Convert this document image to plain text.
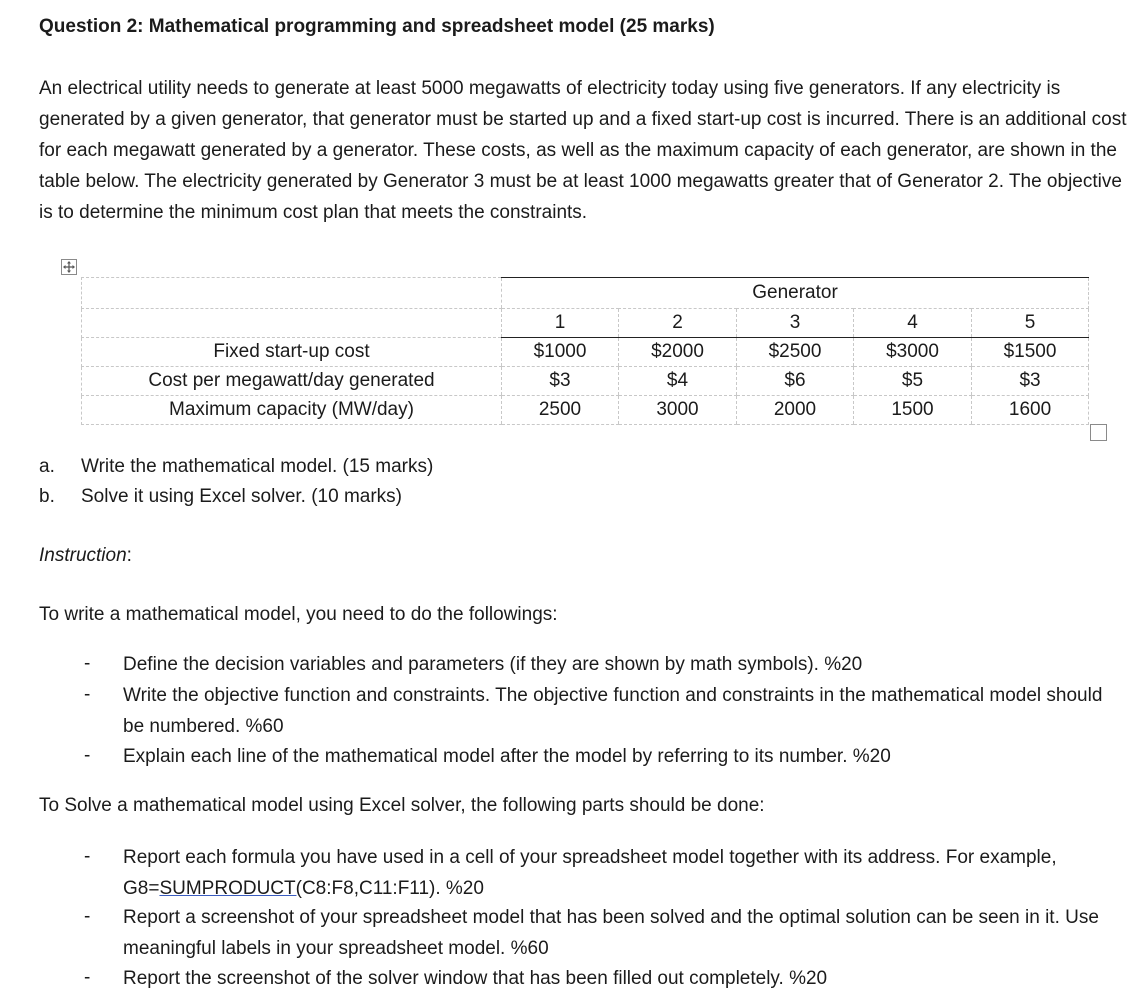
Question 2: Mathematical programming and spreadsheet model (25 marks)
An electrical utility needs to generate at least 5000 megawatts of electricity today using five generators. If any electricity is generated by a given generator, that generator must be started up and a fixed start-up cost is incurred. There is an additional cost for each megawatt generated by a generator. These costs, as well as the maximum capacity of each generator, are shown in the table below. The electricity generated by Generator 3 must be at least 1000 megawatts greater that of Generator 2. The objective is to determine the minimum cost plan that meets the constraints.
	Generator				
	1	2	3	4	5
Fixed start-up cost	$1000	$2000	$2500	$3000	$1500
Cost per megawatt/day generated	$3	$4	$6	$5	$3
Maximum capacity (MW/day)	2500	3000	2000	1500	1600
a. Write the mathematical model. (15 marks)
b. Solve it using Excel solver. (10 marks)
Instruction:
To write a mathematical model, you need to do the followings:
- Define the decision variables and parameters (if they are shown by math symbols). %20
- Write the objective function and constraints. The objective function and constraints in the mathematical model should be numbered. %60
- Explain each line of the mathematical model after the model by referring to its number. %20
To Solve a mathematical model using Excel solver, the following parts should be done:
- Report each formula you have used in a cell of your spreadsheet model together with its address. For example, G8=SUMPRODUCT(C8:F8,C11:F11). %20
- Report a screenshot of your spreadsheet model that has been solved and the optimal solution can be seen in it. Use meaningful labels in your spreadsheet model. %60
- Report the screenshot of the solver window that has been filled out completely. %20
